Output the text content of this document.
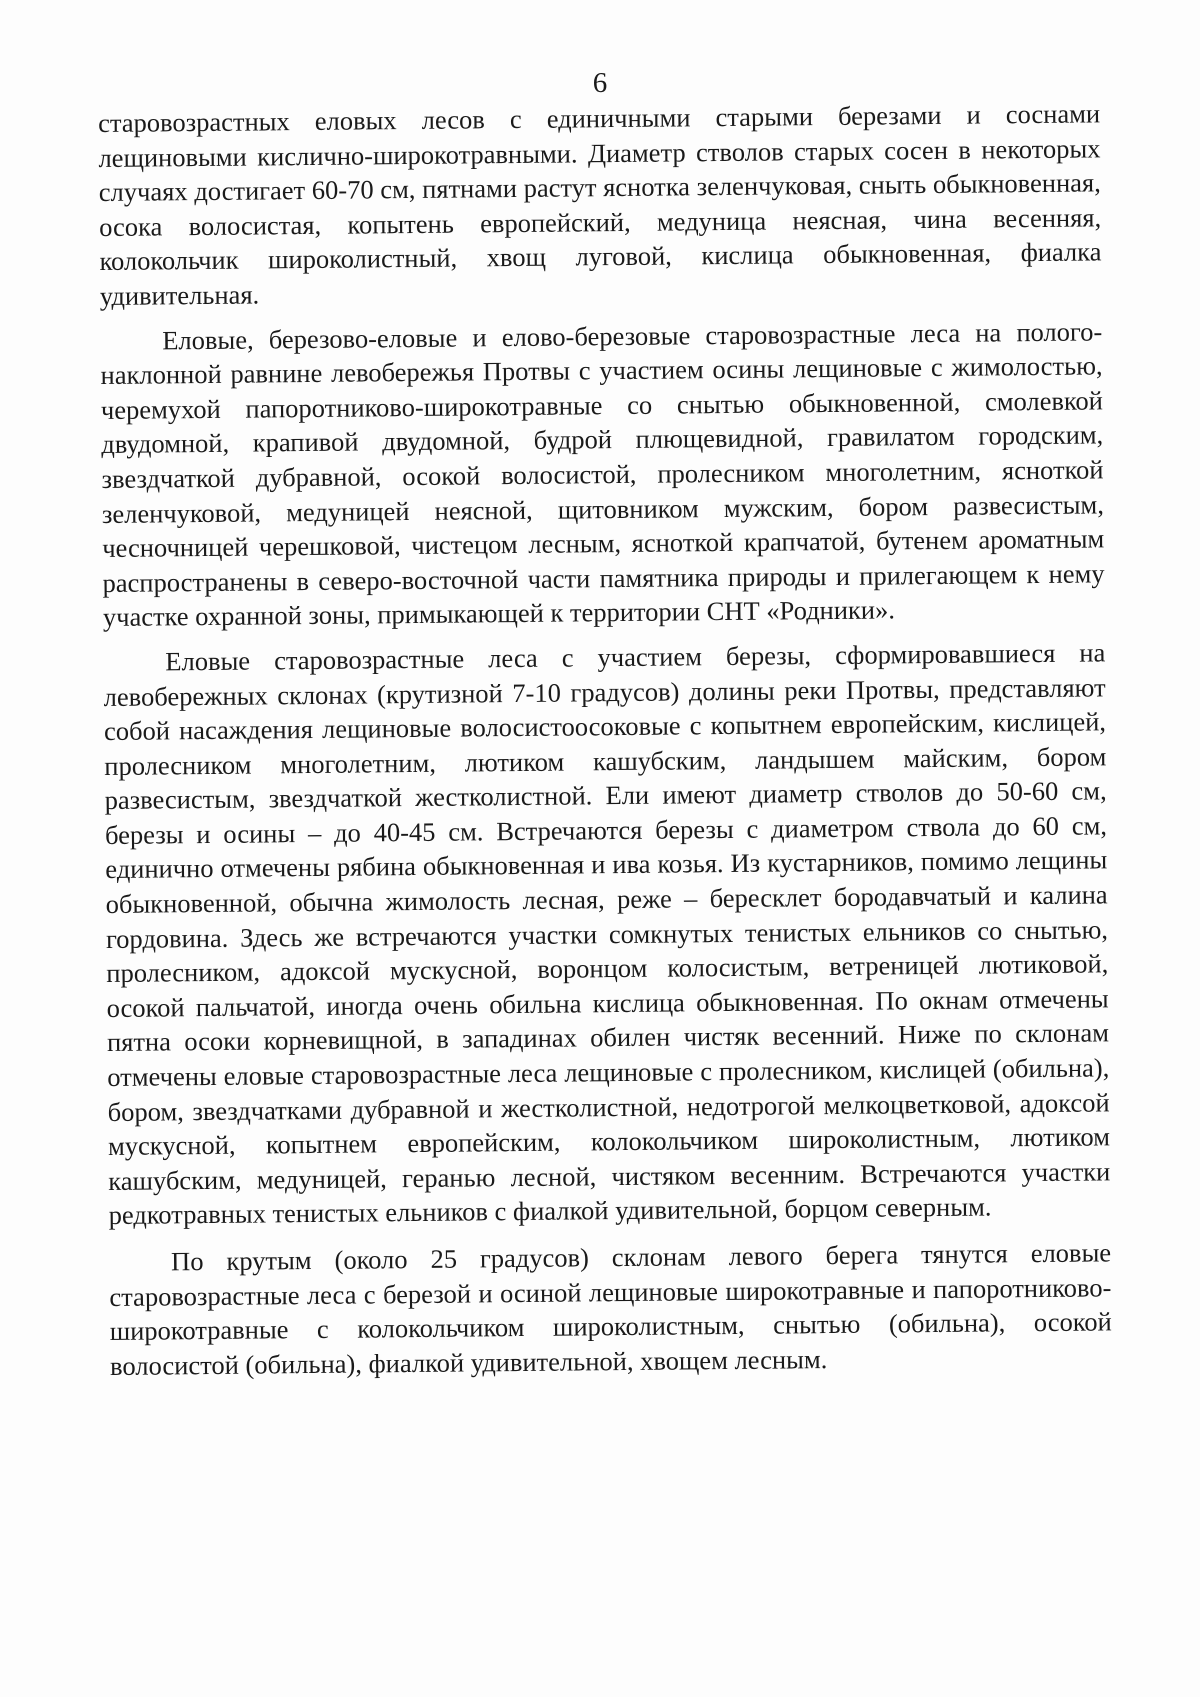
6

старовозрастных еловых лесов с единичными старыми березами и соснами лещиновыми кислично-широкотравными. Диаметр стволов старых сосен в некоторых случаях достигает 60-70 см, пятнами растут яснотка зеленчуковая, сныть обыкновенная, осока волосистая, копытень европейский, медуница неясная, чина весенняя, колокольчик широколистный, хвощ луговой, кислица обыкновенная, фиалка удивительная.

Еловые, березово-еловые и елово-березовые старовозрастные леса на полого-наклонной равнине левобережья Протвы с участием осины лещиновые с жимолостью, черемухой папоротниково-широкотравные со снытью обыкновенной, смолевкой двудомной, крапивой двудомной, будрой плющевидной, гравилатом городским, звездчаткой дубравной, осокой волосистой, пролесником многолетним, ясноткой зеленчуковой, медуницей неясной, щитовником мужским, бором развесистым, чесночницей черешковой, чистецом лесным, ясноткой крапчатой, бутенем ароматным распространены в северо-восточной части памятника природы и прилегающем к нему участке охранной зоны, примыкающей к территории СНТ «Родники».

Еловые старовозрастные леса с участием березы, сформировавшиеся на левобережных склонах (крутизной 7-10 градусов) долины реки Протвы, представляют собой насаждения лещиновые волосистоосоковые с копытнем европейским, кислицей, пролесником многолетним, лютиком кашубским, ландышем майским, бором развесистым, звездчаткой жестколистной. Ели имеют диаметр стволов до 50-60 см, березы и осины – до 40-45 см. Встречаются березы с диаметром ствола до 60 см, единично отмечены рябина обыкновенная и ива козья. Из кустарников, помимо лещины обыкновенной, обычна жимолость лесная, реже – бересклет бородавчатый и калина гордовина. Здесь же встречаются участки сомкнутых тенистых ельников со снытью, пролесником, адоксой мускусной, воронцом колосистым, ветреницей лютиковой, осокой пальчатой, иногда очень обильна кислица обыкновенная. По окнам отмечены пятна осоки корневищной, в западинах обилен чистяк весенний. Ниже по склонам отмечены еловые старовозрастные леса лещиновые с пролесником, кислицей (обильна), бором, звездчатками дубравной и жестколистной, недотрогой мелкоцветковой, адоксой мускусной, копытнем европейским, колокольчиком широколистным, лютиком кашубским, медуницей, геранью лесной, чистяком весенним. Встречаются участки редкотравных тенистых ельников с фиалкой удивительной, борцом северным.

По крутым (около 25 градусов) склонам левого берега тянутся еловые старовозрастные леса с березой и осиной лещиновые широкотравные и папоротниково-широкотравные с колокольчиком широколистным, снытью (обильна), осокой волосистой (обильна), фиалкой удивительной, хвощем лесным.
